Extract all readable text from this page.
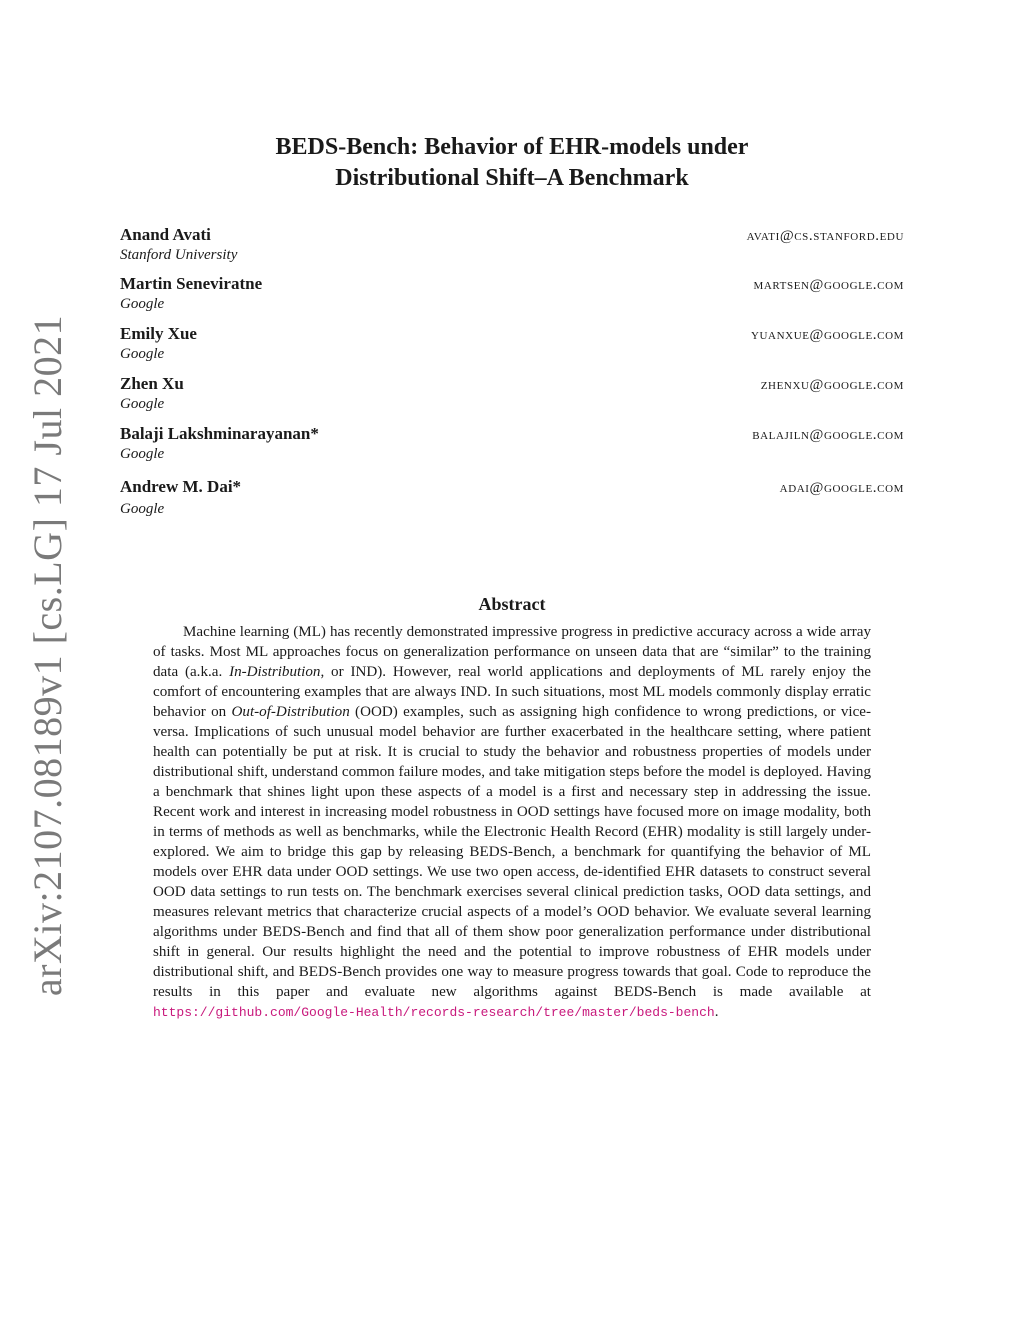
arXiv:2107.08189v1 [cs.LG] 17 Jul 2021
BEDS-Bench: Behavior of EHR-models under
Distributional Shift–A Benchmark
Anand Avati	avati@cs.stanford.edu
Stanford University
Martin Seneviratne	martsen@google.com
Google
Emily Xue	yuanxue@google.com
Google
Zhen Xu	zhenxu@google.com
Google
Balaji Lakshminarayanan*	balajiln@google.com
Google
Andrew M. Dai*	adai@google.com
Google
Abstract
Machine learning (ML) has recently demonstrated impressive progress in predictive accuracy across a wide array of tasks. Most ML approaches focus on generalization performance on unseen data that are “similar” to the training data (a.k.a. In-Distribution, or IND). However, real world applications and deployments of ML rarely enjoy the comfort of encountering examples that are always IND. In such situations, most ML models commonly display erratic behavior on Out-of-Distribution (OOD) examples, such as assigning high confidence to wrong predictions, or vice-versa. Implications of such unusual model behavior are further exacerbated in the healthcare setting, where patient health can potentially be put at risk. It is crucial to study the behavior and robustness properties of models under distributional shift, understand common failure modes, and take mitigation steps before the model is deployed. Having a benchmark that shines light upon these aspects of a model is a first and necessary step in addressing the issue. Recent work and interest in increasing model robustness in OOD settings have focused more on image modality, both in terms of methods as well as benchmarks, while the Electronic Health Record (EHR) modality is still largely under-explored. We aim to bridge this gap by releasing BEDS-Bench, a benchmark for quantifying the behavior of ML models over EHR data under OOD settings. We use two open access, de-identified EHR datasets to construct several OOD data settings to run tests on. The benchmark exercises several clinical prediction tasks, OOD data settings, and measures relevant metrics that characterize crucial aspects of a model’s OOD behavior. We evaluate several learning algorithms under BEDS-Bench and find that all of them show poor generalization performance under distributional shift in general. Our results highlight the need and the potential to improve robustness of EHR models under distributional shift, and BEDS-Bench provides one way to measure progress towards that goal. Code to reproduce the results in this paper and evaluate new algorithms against BEDS-Bench is made available at https://github.com/Google-Health/records-research/tree/master/beds-bench.
